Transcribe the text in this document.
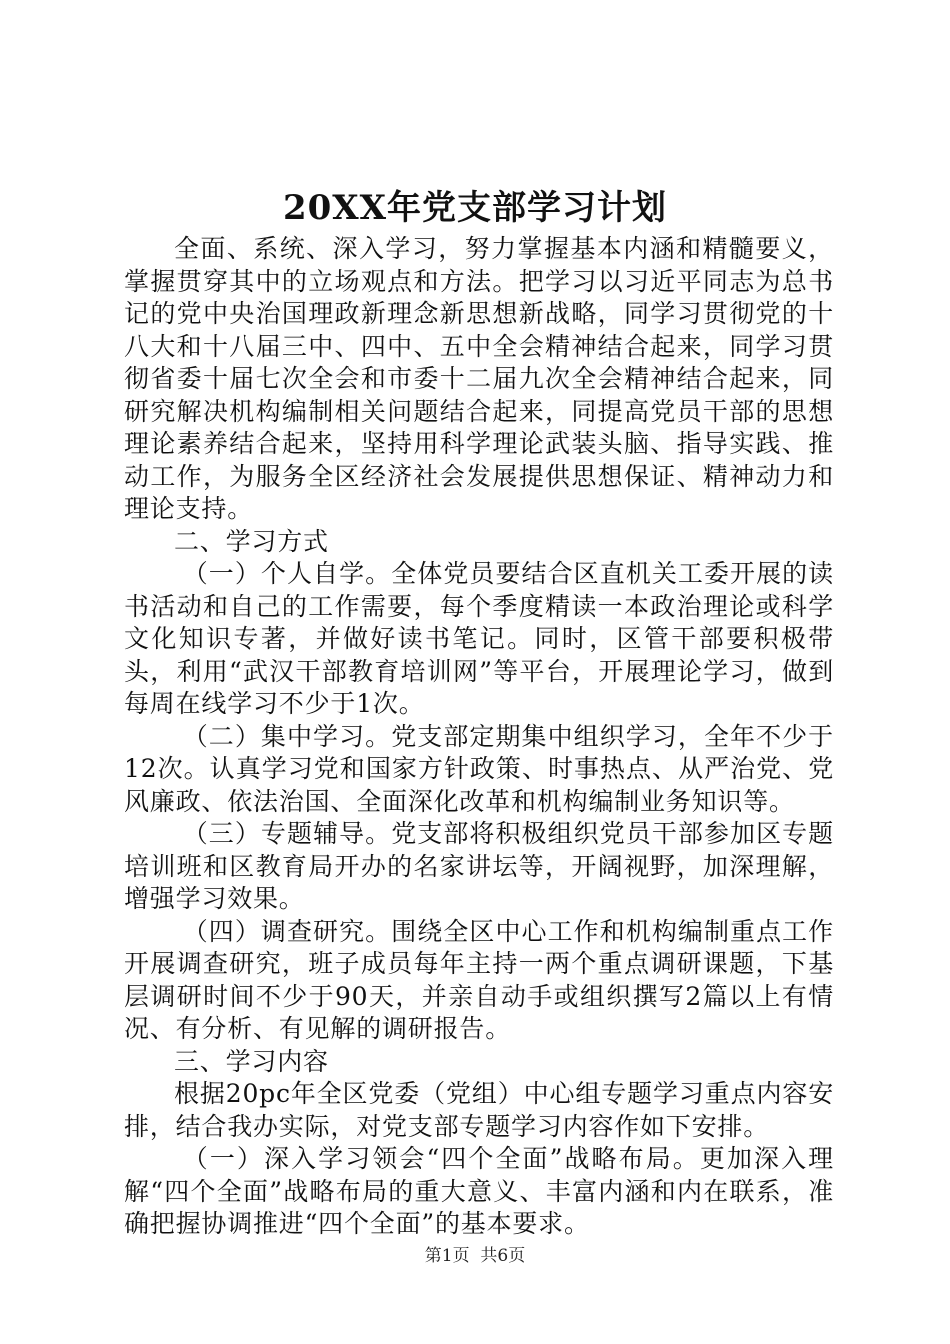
20XX年党支部学习计划

全面、系统、深入学习，努力掌握基本内涵和精髓要义，掌握贯穿其中的立场观点和方法。把学习以习近平同志为总书记的党中央治国理政新理念新思想新战略，同学习贯彻党的十八大和十八届三中、四中、五中全会精神结合起来，同学习贯彻省委十届七次全会和市委十二届九次全会精神结合起来，同研究解决机构编制相关问题结合起来，同提高党员干部的思想理论素养结合起来，坚持用科学理论武装头脑、指导实践、推动工作，为服务全区经济社会发展提供思想保证、精神动力和理论支持。

二、学习方式

（一）个人自学。全体党员要结合区直机关工委开展的读书活动和自己的工作需要，每个季度精读一本政治理论或科学文化知识专著，并做好读书笔记。同时，区管干部要积极带头，利用“武汉干部教育培训网”等平台，开展理论学习，做到每周在线学习不少于1次。

（二）集中学习。党支部定期集中组织学习，全年不少于12次。认真学习党和国家方针政策、时事热点、从严治党、党风廉政、依法治国、全面深化改革和机构编制业务知识等。

（三）专题辅导。党支部将积极组织党员干部参加区专题培训班和区教育局开办的名家讲坛等，开阔视野，加深理解，增强学习效果。

（四）调查研究。围绕全区中心工作和机构编制重点工作开展调查研究，班子成员每年主持一两个重点调研课题，下基层调研时间不少于90天，并亲自动手或组织撰写2篇以上有情况、有分析、有见解的调研报告。

三、学习内容

根据20pc年全区党委（党组）中心组专题学习重点内容安排，结合我办实际，对党支部专题学习内容作如下安排。

（一）深入学习领会“四个全面”战略布局。更加深入理解“四个全面”战略布局的重大意义、丰富内涵和内在联系，准确把握协调推进“四个全面”的基本要求。

第1页 共6页
